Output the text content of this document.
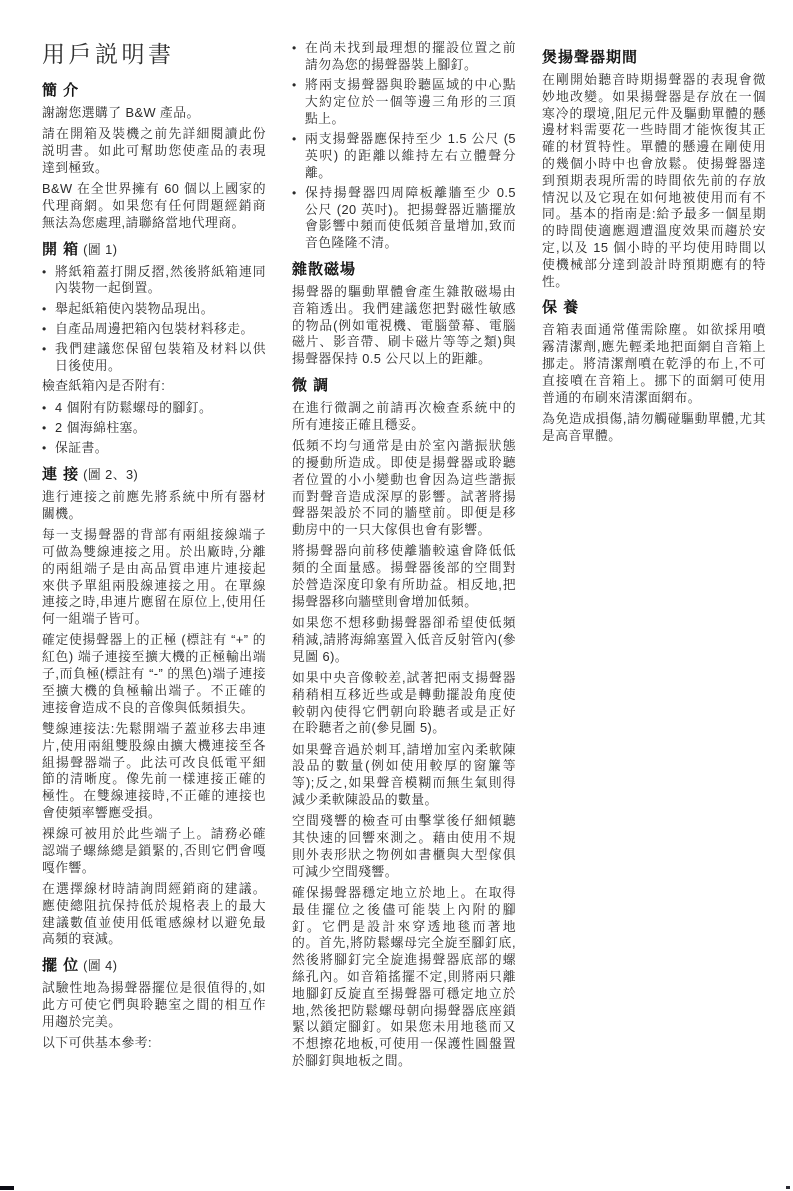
用戶説明書
簡 介

謝謝您選購了 B&W 產品。

請在開箱及裝機之前先詳細閱讀此份説明書。如此可幫助您使產品的表現達到極致。

B&W 在全世界擁有 60 個以上國家的代理商網。如果您有任何問題經銷商無法為您處理,請聯絡當地代理商。

開 箱 (圖 1)
• 將紙箱蓋打開反摺,然後將紙箱連同內裝物一起倒置。
• 舉起紙箱使內裝物品現出。
• 自產品周邊把箱內包裝材料移走。
• 我們建議您保留包裝箱及材料以供日後使用。

檢查紙箱內是否附有:

• 4 個附有防鬆螺母的腳釘。
• 2 個海綿柱塞。
• 保証書。
連 接 (圖 2、3)

進行連接之前應先將系統中所有器材關機。

每一支揚聲器的背部有兩組接線端子可做為雙線連接之用。於出廠時,分離的兩組端子是由高品質串連片連接起來供予單組兩股線連接之用。在單線連接之時,串連片應留在原位上,使用任何一組端子皆可。

確定使揚聲器上的正極 (標註有 “+” 的紅色) 端子連接至擴大機的正極輸出端子,而負極(標註有 “-” 的黑色)端子連接至擴大機的負極輸出端子。不正確的連接會造成不良的音像與低頻損失。

雙線連接法:先鬆開端子蓋並移去串連片,使用兩組雙股線由擴大機連接至各組揚聲器端子。此法可改良低電平細節的清晰度。像先前一樣連接正確的極性。在雙線連接時,不正確的連接也會使頻率響應受損。

裸線可被用於此些端子上。請務必確認端子螺絲總是鎖緊的,否則它們會嘎嘎作響。

在選擇線材時請詢問經銷商的建議。應使總阻抗保持低於規格表上的最大建議數值並使用低電感線材以避免最高頻的衰減。

擺 位 (圖 4)

試驗性地為揚聲器擺位是很值得的,如此方可使它們與聆聽室之間的相互作用趨於完美。

以下可供基本參考:

• 在尚未找到最理想的擺設位置之前請勿為您的揚聲器裝上腳釘。
• 將兩支揚聲器與聆聽區域的中心點大約定位於一個等邊三角形的三頂點上。
• 兩支揚聲器應保持至少 1.5 公尺 (5 英呎) 的距離以維持左右立體聲分離。
• 保持揚聲器四周障板離牆至少 0.5 公尺 (20 英吋)。把揚聲器近牆擺放會影響中頻而使低頻音量增加,致而音色隆隆不清。
雜散磁場

揚聲器的驅動單體會產生雜散磁場由音箱透出。我們建議您把對磁性敏感的物品(例如電視機、電腦螢幕、電腦磁片、影音帶、刷卡磁片等等之類)與揚聲器保持 0.5 公尺以上的距離。

微 調

在進行微調之前請再次檢查系統中的所有連接正確且穩妥。

低頻不均勻通常是由於室內諧振狀態的擾動所造成。即使是揚聲器或聆聽者位置的小小變動也會因為這些諧振而對聲音造成深厚的影響。試著將揚聲器架設於不同的牆壁前。即便是移動房中的一只大傢俱也會有影響。

將揚聲器向前移使離牆較遠會降低低頻的全面量感。揚聲器後部的空間對於營造深度印象有所助益。相反地,把揚聲器移向牆壁則會增加低頻。

如果您不想移動揚聲器卻希望使低頻稍減,請將海綿塞置入低音反射管內(參見圖 6)。

如果中央音像較差,試著把兩支揚聲器稍稍相互移近些或是轉動擺設角度使較朝內使得它們朝向聆聽者或是正好在聆聽者之前(參見圖 5)。

如果聲音過於刺耳,請增加室內柔軟陳設品的數量(例如使用較厚的窗簾等等);反之,如果聲音模糊而無生氣則得減少柔軟陳設品的數量。

空間殘響的檢查可由擊掌後仔細傾聽其快速的回響來測之。藉由使用不規則外表形狀之物例如書櫃與大型傢俱可減少空間殘響。

確保揚聲器穩定地立於地上。在取得最佳擺位之後儘可能裝上內附的腳釘。它們是設計來穿透地毯而著地的。首先,將防鬆螺母完全旋至腳釘底,然後將腳釘完全旋進揚聲器底部的螺絲孔內。如音箱搖擺不定,則將兩只離地腳釘反旋直至揚聲器可穩定地立於地,然後把防鬆螺母朝向揚聲器底座鎖緊以鎖定腳釘。如果您未用地毯而又不想擦花地板,可使用一保護性圓盤置於腳釘與地板之間。

煲揚聲器期間

在剛開始聽音時期揚聲器的表現會微妙地改變。如果揚聲器是存放在一個寒冷的環境,阻尼元件及驅動單體的懸邊材料需要花一些時間才能恢復其正確的材質特性。單體的懸邊在剛使用的幾個小時中也會放鬆。使揚聲器達到預期表現所需的時間依先前的存放情況以及它現在如何地被使用而有不同。基本的指南是:給予最多一個星期的時間使適應週遭溫度效果而趨於安定,以及 15 個小時的平均使用時間以使機械部分達到設計時預期應有的特性。

保 養

音箱表面通常僅需除塵。如欲採用噴霧清潔劑,應先輕柔地把面網自音箱上挪走。將清潔劑噴在乾淨的布上,不可直接噴在音箱上。挪下的面網可使用普通的布刷來清潔面網布。

為免造成損傷,請勿觸碰驅動單體,尤其是高音單體。
